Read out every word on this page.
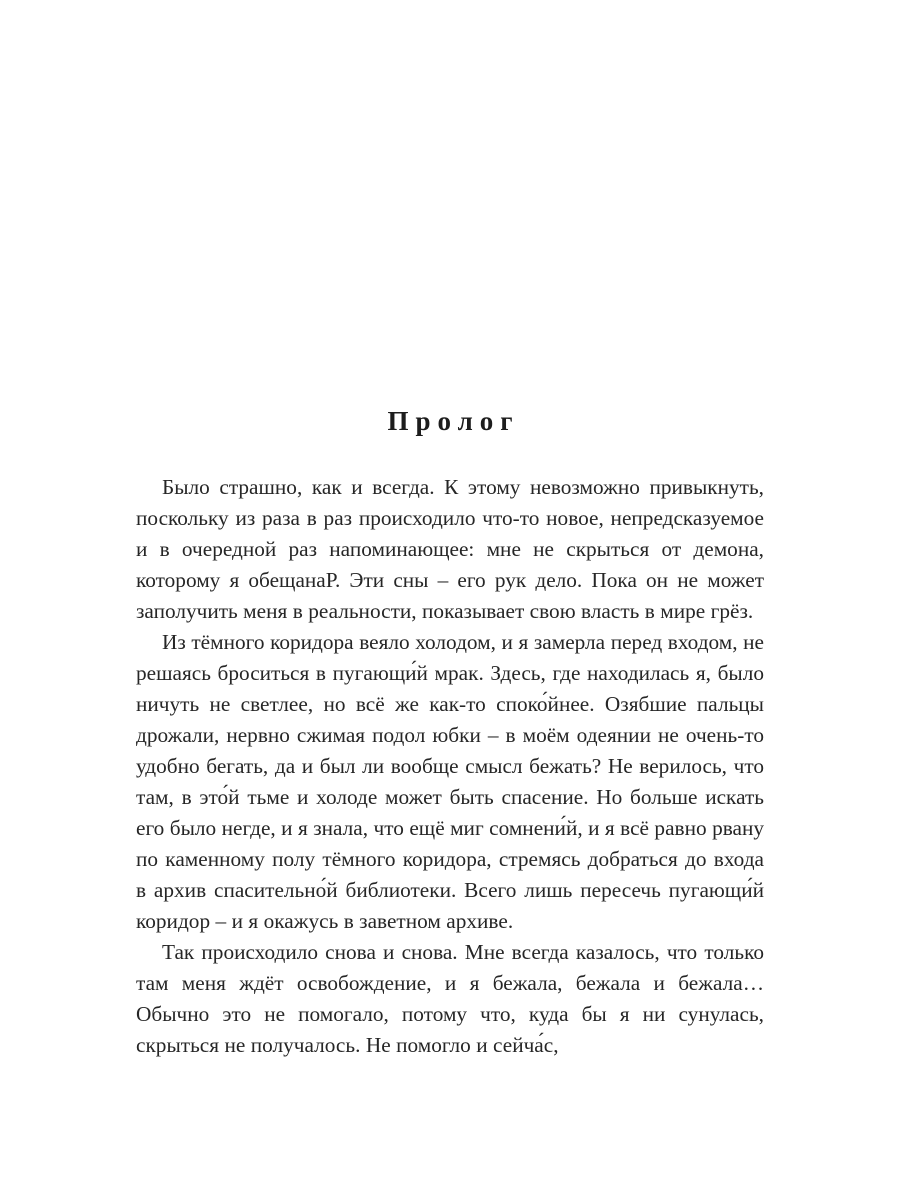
Пролог

Было страшно, как и всегда. К этому невозможно привыкнуть, поскольку из раза в раз происходило что-то новое, непредсказуемое и в очередной раз напоминающее: мне не скрыться от демона, которому я обещанаР. Эти сны – его рук дело. Пока он не может заполучить меня в реальности, показывает свою власть в мире грёз.

Из тёмного коридора веяло холодом, и я замерла перед входом, не решаясь броситься в пугающи́й мрак. Здесь, где находилась я, было ничуть не светлее, но всё же как-то споко́йнее. Озябшие пальцы дрожали, нервно сжимая подол юбки – в моём одеянии не очень-то удобно бегать, да и был ли вообще смысл бежать? Не верилось, что там, в это́й тьме и холоде может быть спасение. Но больше искать его было негде, и я знала, что ещё миг сомнени́й, и я всё равно рвану по каменному полу тёмного коридора, стремясь добраться до входа в архив спасительно́й библиотеки. Всего лишь пересечь пугающи́й коридор – и я окажусь в заветном архиве.

Так происходило снова и снова. Мне всегда казалось, что только там меня ждёт освобождение, и я бежала, бежала и бежала… Обычно это не помогало, потому что, куда бы я ни сунулась, скрыться не получалось. Не помогло и сейча́с,
